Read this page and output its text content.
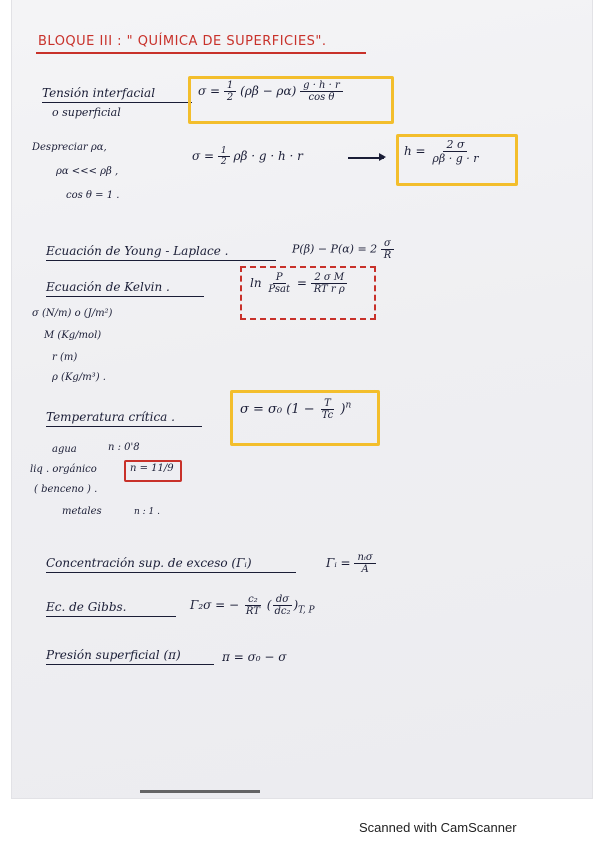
BLOQUE III : " QUÍMICA DE SUPERFICIES".
Tensión interfacial
o superficial
$\sigma = \frac{1}{2} (\rho\beta - \rho\alpha) \frac{g \cdot h \cdot r}{\text{cos θ}}$
Despreciar ρα,
ρα <<< ρβ ,
cos θ = 1 .
$\sigma = \frac{1}{2}$ ρβ · g · h · r	$h = \frac{2 \sigma}{\rho\beta \cdot g \cdot r}$
Ecuación de Young - Laplace .	$P(\beta) - P(\alpha) = 2 \frac{\sigma}{R}$
Ecuación de Kelvin .	$\ln \frac{P}{\text{Psat}} = \frac{\text{2 σ M}}{\text{RT r ρ}}$
σ (N/m) o (J/m²)
M (Kg/mol)
r (m)
ρ (Kg/m³) .
Temperatura crítica .	σ = σ₀ $(1 - \frac{T}{Tc} )^n$
agua	n : 0'8
liq . orgánico	n = 11/9
( benceno ) .
metales	n : 1 .
Concentración sup. de exceso (Γᵢ)	Γᵢ = $\frac{\text{nᵢσ}}{A}$
Ec. de Gibbs.	Γ₂σ = − $\frac{\text{c₂}}{RT}$ ( $\frac{d\sigma}{\text{dc₂}} )_{T, P}$
Presión superficial (π)	π = σ₀ − σ
Scanned with CamScanner
